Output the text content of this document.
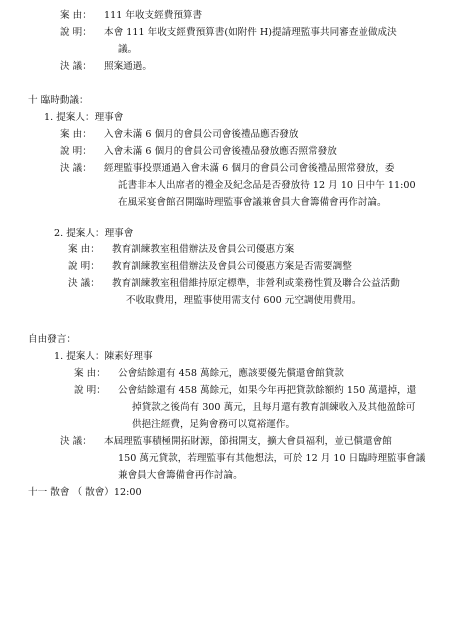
案 由： 111 年收支經費預算書
說 明： 本會 111 年收支經費預算書(如附件 H)提請理監事共同審查並做成決
議。
決 議： 照案通過。
十 臨時動議：
1. 提案人：理事會
案 由： 入會未滿 6 個月的會員公司會後禮品應否發放
說 明： 入會未滿 6 個月的會員公司會後禮品發放應否照常發放
決 議： 經理監事投票通過入會未滿 6 個月的會員公司會後禮品照常發放，委
託書非本人出席者的禮金及紀念品是否發放待 12 月 10 日中午 11:00
在風采宴會館召開臨時理監事會議兼會員大會籌備會再作討論。
2. 提案人：理事會
案 由： 教育訓練教室租借辦法及會員公司優惠方案
說 明： 教育訓練教室租借辦法及會員公司優惠方案是否需要調整
決 議： 教育訓練教室租借維持原定標準，非營利或業務性質及聯合公益活動
不收取費用，理監事使用需支付 600 元空調使用費用。
自由發言：
1. 提案人：陳素好理事
案 由： 公會結餘還有 458 萬餘元，應該要優先償還會館貸款
說 明： 公會結餘還有 458 萬餘元，如果今年再把貸款餘額約 150 萬還掉，還
掉貸款之後尚有 300 萬元，且每月還有教育訓練收入及其他盈餘可
供挹注經費，足夠會務可以寬裕運作。
決 議： 本屆理監事積極開拓財源，節揖開支，擴大會員福利，並已償還會館
150 萬元貸款，若理監事有其他想法，可於 12 月 10 日臨時理監事會議
兼會員大會籌備會再作討論。
十一 散會 （ 散會）12:00
